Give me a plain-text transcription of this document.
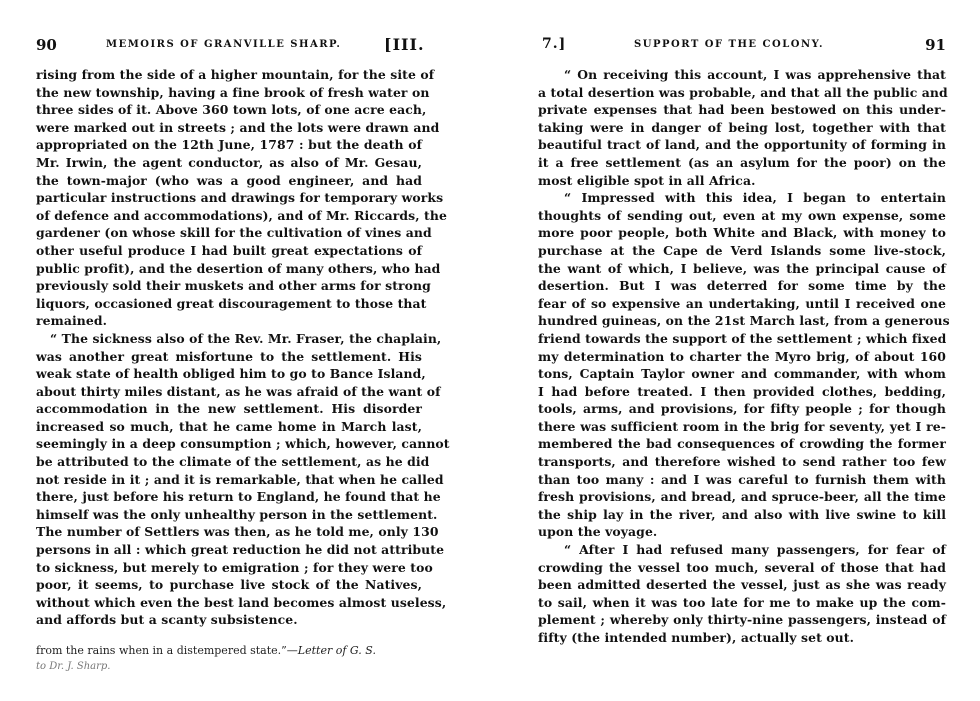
90	MEMOIRS OF GRANVILLE SHARP.	[III.
rising from the side of a higher mountain, for the site of
the new township, having a fine brook of fresh water on
three sides of it. Above 360 town lots, of one acre each,
were marked out in streets ; and the lots were drawn and
appropriated on the 12th June, 1787 : but the death of
Mr. Irwin, the agent conductor, as also of Mr. Gesau,
the town-major (who was a good engineer, and had
particular instructions and drawings for temporary works
of defence and accommodations), and of Mr. Riccards, the
gardener (on whose skill for the cultivation of vines and
other useful produce I had built great expectations of
public profit), and the desertion of many others, who had
previously sold their muskets and other arms for strong
liquors, occasioned great discouragement to those that
remained.
“ The sickness also of the Rev. Mr. Fraser, the chaplain,
was another great misfortune to the settlement. His
weak state of health obliged him to go to Bance Island,
about thirty miles distant, as he was afraid of the want of
accommodation in the new settlement. His disorder
increased so much, that he came home in March last,
seemingly in a deep consumption ; which, however, cannot
be attributed to the climate of the settlement, as he did
not reside in it ; and it is remarkable, that when he called
there, just before his return to England, he found that he
himself was the only unhealthy person in the settlement.
The number of Settlers was then, as he told me, only 130
persons in all : which great reduction he did not attribute
to sickness, but merely to emigration ; for they were too
poor, it seems, to purchase live stock of the Natives,
without which even the best land becomes almost useless,
and affords but a scanty subsistence.
from the rains when in a distempered state.”—Letter of G. S.
to Dr. J. Sharp.
7.]	SUPPORT OF THE COLONY.	91
“ On receiving this account, I was apprehensive that
a total desertion was probable, and that all the public and
private expenses that had been bestowed on this under-
taking were in danger of being lost, together with that
beautiful tract of land, and the opportunity of forming in
it a free settlement (as an asylum for the poor) on the
most eligible spot in all Africa.
“ Impressed with this idea, I began to entertain
thoughts of sending out, even at my own expense, some
more poor people, both White and Black, with money to
purchase at the Cape de Verd Islands some live-stock,
the want of which, I believe, was the principal cause of
desertion. But I was deterred for some time by the
fear of so expensive an undertaking, until I received one
hundred guineas, on the 21st March last, from a generous
friend towards the support of the settlement ; which fixed
my determination to charter the Myro brig, of about 160
tons, Captain Taylor owner and commander, with whom
I had before treated. I then provided clothes, bedding,
tools, arms, and provisions, for fifty people ; for though
there was sufficient room in the brig for seventy, yet I re-
membered the bad consequences of crowding the former
transports, and therefore wished to send rather too few
than too many : and I was careful to furnish them with
fresh provisions, and bread, and spruce-beer, all the time
the ship lay in the river, and also with live swine to kill
upon the voyage.
“ After I had refused many passengers, for fear of
crowding the vessel too much, several of those that had
been admitted deserted the vessel, just as she was ready
to sail, when it was too late for me to make up the com-
plement ; whereby only thirty-nine passengers, instead of
fifty (the intended number), actually set out.
